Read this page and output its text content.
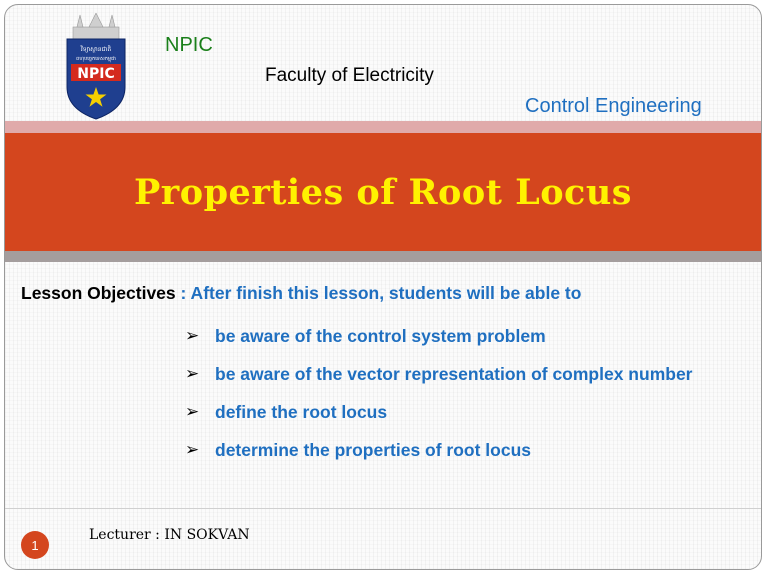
វិទ្យាស្ថានជាតិ
ពហុបច្ចេកទេសកម្ពុជា
NPIC
NPIC
Faculty of Electricity
Control Engineering
Properties of Root Locus
Lesson Objectives : After finish this lesson, students will be able to
➢ be aware of the control system problem
➢ be aware of the vector representation of complex number
➢ define the root locus
➢ determine the properties of root locus
1
Lecturer : IN SOKVAN
